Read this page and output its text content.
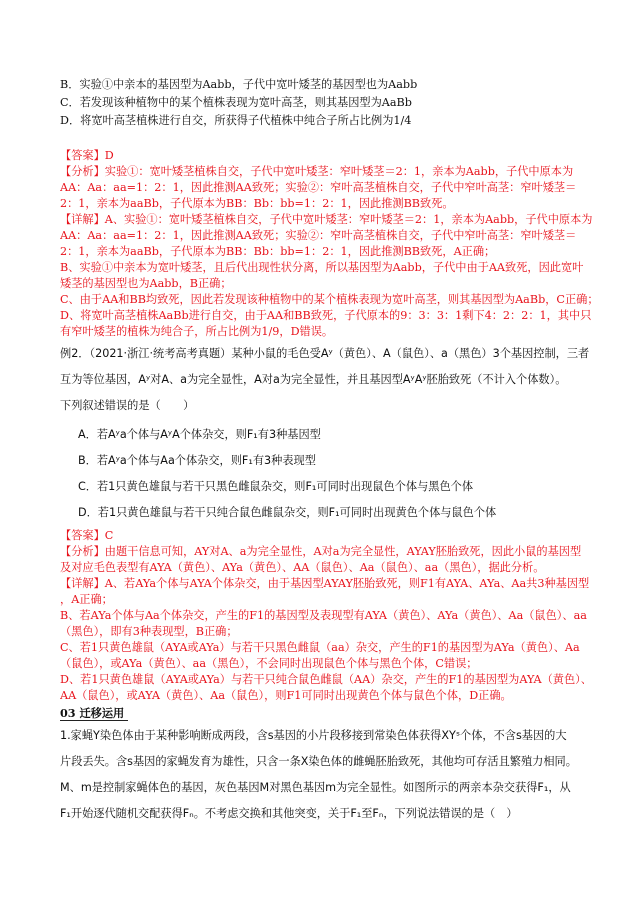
B．实验①中亲本的基因型为Aabb，子代中宽叶矮茎的基因型也为Aabb
C．若发现该种植物中的某个植株表现为宽叶高茎，则其基因型为AaBb
D．将宽叶高茎植株进行自交，所获得子代植株中纯合子所占比例为1/4
【答案】D
【分析】实验①：宽叶矮茎植株自交，子代中宽叶矮茎：窄叶矮茎＝2：1，亲本为Aabb，子代中原本为
AA：Aa：aa=1：2：1，因此推测AA致死；实验②：窄叶高茎植株自交，子代中窄叶高茎：窄叶矮茎＝
2：1，亲本为aaBb，子代原本为BB：Bb：bb=1：2：1，因此推测BB致死。
【详解】A、实验①：宽叶矮茎植株自交，子代中宽叶矮茎：窄叶矮茎＝2：1，亲本为Aabb，子代中原本为
AA：Aa：aa=1：2：1，因此推测AA致死；实验②：窄叶高茎植株自交，子代中窄叶高茎：窄叶矮茎＝
2：1，亲本为aaBb，子代原本为BB：Bb：bb=1：2：1，因此推测BB致死，A正确；
B、实验①中亲本为宽叶矮茎，且后代出现性状分离，所以基因型为Aabb，子代中由于AA致死，因此宽叶
矮茎的基因型也为Aabb，B正确；
C、由于AA和BB均致死，因此若发现该种植物中的某个植株表现为宽叶高茎，则其基因型为AaBb，C正确；
D、将宽叶高茎植株AaBb进行自交，由于AA和BB致死，子代原本的9：3：3：1剩下4：2：2：1，其中只
有窄叶矮茎的植株为纯合子，所占比例为1/9，D错误。
例2．（2021·浙江·统考高考真题）某种小鼠的毛色受Aʸ（黄色）、A（鼠色）、a（黑色）3个基因控制，三者
互为等位基因，Aʸ对A、a为完全显性，A对a为完全显性，并且基因型AʸAʸ胚胎致死（不计入个体数）。
下列叙述错误的是（　　）
A．若Aʸa个体与AʸA个体杂交，则F₁有3种基因型
B．若Aʸa个体与Aa个体杂交，则F₁有3种表现型
C．若1只黄色雄鼠与若干只黑色雌鼠杂交，则F₁可同时出现鼠色个体与黑色个体
D．若1只黄色雄鼠与若干只纯合鼠色雌鼠杂交，则F₁可同时出现黄色个体与鼠色个体
【答案】C
【分析】由题干信息可知，AY对A、a为完全显性，A对a为完全显性，AYAY胚胎致死，因此小鼠的基因型
及对应毛色表型有AYA（黄色）、AYa（黄色）、AA（鼠色）、Aa（鼠色）、aa（黑色），据此分析。
【详解】A、若AYa个体与AYA个体杂交，由于基因型AYAY胚胎致死，则F1有AYA、AYa、Aa共3种基因型
，A正确；
B、若AYa个体与Aa个体杂交，产生的F1的基因型及表现型有AYA（黄色）、AYa（黄色）、Aa（鼠色）、aa
（黑色），即有3种表现型，B正确；
C、若1只黄色雄鼠（AYA或AYa）与若干只黑色雌鼠（aa）杂交，产生的F1的基因型为AYa（黄色）、Aa
（鼠色），或AYa（黄色）、aa（黑色），不会同时出现鼠色个体与黑色个体，C错误；
D、若1只黄色雄鼠（AYA或AYa）与若干只纯合鼠色雌鼠（AA）杂交，产生的F1的基因型为AYA（黄色）、
AA（鼠色），或AYA（黄色）、Aa（鼠色），则F1可同时出现黄色个体与鼠色个体，D正确。
03 迁移运用
1.家蝇Y染色体由于某种影响断成两段，含s基因的小片段移接到常染色体获得XYˢ个体，不含s基因的大
片段丢失。含s基因的家蝇发育为雄性，只含一条X染色体的雌蝇胚胎致死，其他均可存活且繁殖力相同。
M、m是控制家蝇体色的基因，灰色基因M对黑色基因m为完全显性。如图所示的两亲本杂交获得F₁，从
F₁开始逐代随机交配获得Fₙ。不考虑交换和其他突变，关于F₁至Fₙ，下列说法错误的是（　）
